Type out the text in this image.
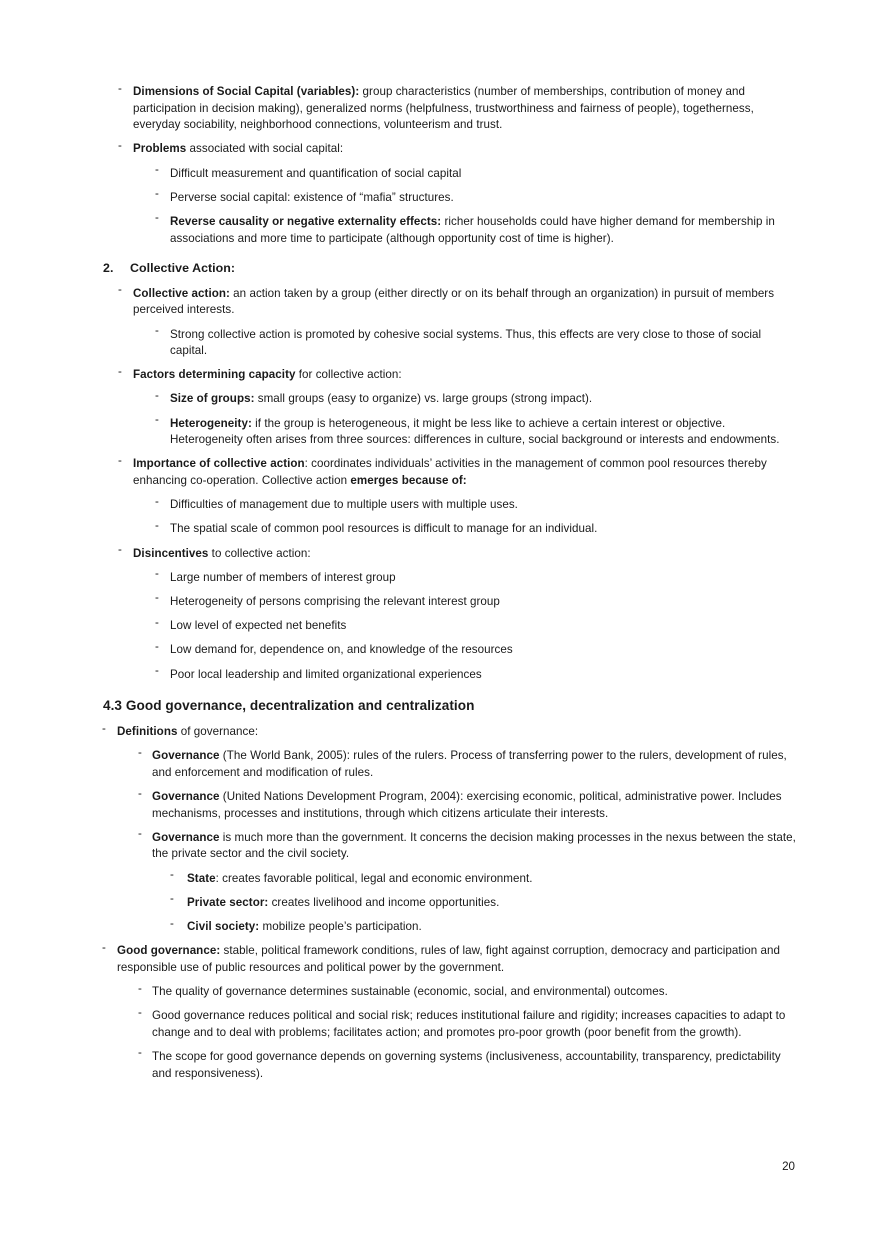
- Dimensions of Social Capital (variables): group characteristics (number of memberships, contribution of money and participation in decision making), generalized norms (helpfulness, trustworthiness and fairness of people), togetherness, everyday sociability, neighborhood connections, volunteerism and trust.
- Problems associated with social capital:
- Difficult measurement and quantification of social capital
- Perverse social capital: existence of “mafia” structures.
- Reverse causality or negative externality effects: richer households could have higher demand for membership in associations and more time to participate (although opportunity cost of time is higher).
2. Collective Action:
- Collective action: an action taken by a group (either directly or on its behalf through an organization) in pursuit of members perceived interests.
- Strong collective action is promoted by cohesive social systems. Thus, this effects are very close to those of social capital.
- Factors determining capacity for collective action:
- Size of groups: small groups (easy to organize) vs. large groups (strong impact).
- Heterogeneity: if the group is heterogeneous, it might be less like to achieve a certain interest or objective. Heterogeneity often arises from three sources: differences in culture, social background or interests and endowments.
- Importance of collective action: coordinates individuals’ activities in the management of common pool resources thereby enhancing co-operation. Collective action emerges because of:
- Difficulties of management due to multiple users with multiple uses.
- The spatial scale of common pool resources is difficult to manage for an individual.
- Disincentives to collective action:
- Large number of members of interest group
- Heterogeneity of persons comprising the relevant interest group
- Low level of expected net benefits
- Low demand for, dependence on, and knowledge of the resources
- Poor local leadership and limited organizational experiences
4.3 Good governance, decentralization and centralization
- Definitions of governance:
- Governance (The World Bank, 2005): rules of the rulers. Process of transferring power to the rulers, development of rules, and enforcement and modification of rules.
- Governance (United Nations Development Program, 2004): exercising economic, political, administrative power. Includes mechanisms, processes and institutions, through which citizens articulate their interests.
- Governance is much more than the government. It concerns the decision making processes in the nexus between the state, the private sector and the civil society.
- State: creates favorable political, legal and economic environment.
- Private sector: creates livelihood and income opportunities.
- Civil society: mobilize people’s participation.
- Good governance: stable, political framework conditions, rules of law, fight against corruption, democracy and participation and responsible use of public resources and political power by the government.
- The quality of governance determines sustainable (economic, social, and environmental) outcomes.
- Good governance reduces political and social risk; reduces institutional failure and rigidity; increases capacities to adapt to change and to deal with problems; facilitates action; and promotes pro-poor growth (poor benefit from the growth).
- The scope for good governance depends on governing systems (inclusiveness, accountability, transparency, predictability and responsiveness).
20
